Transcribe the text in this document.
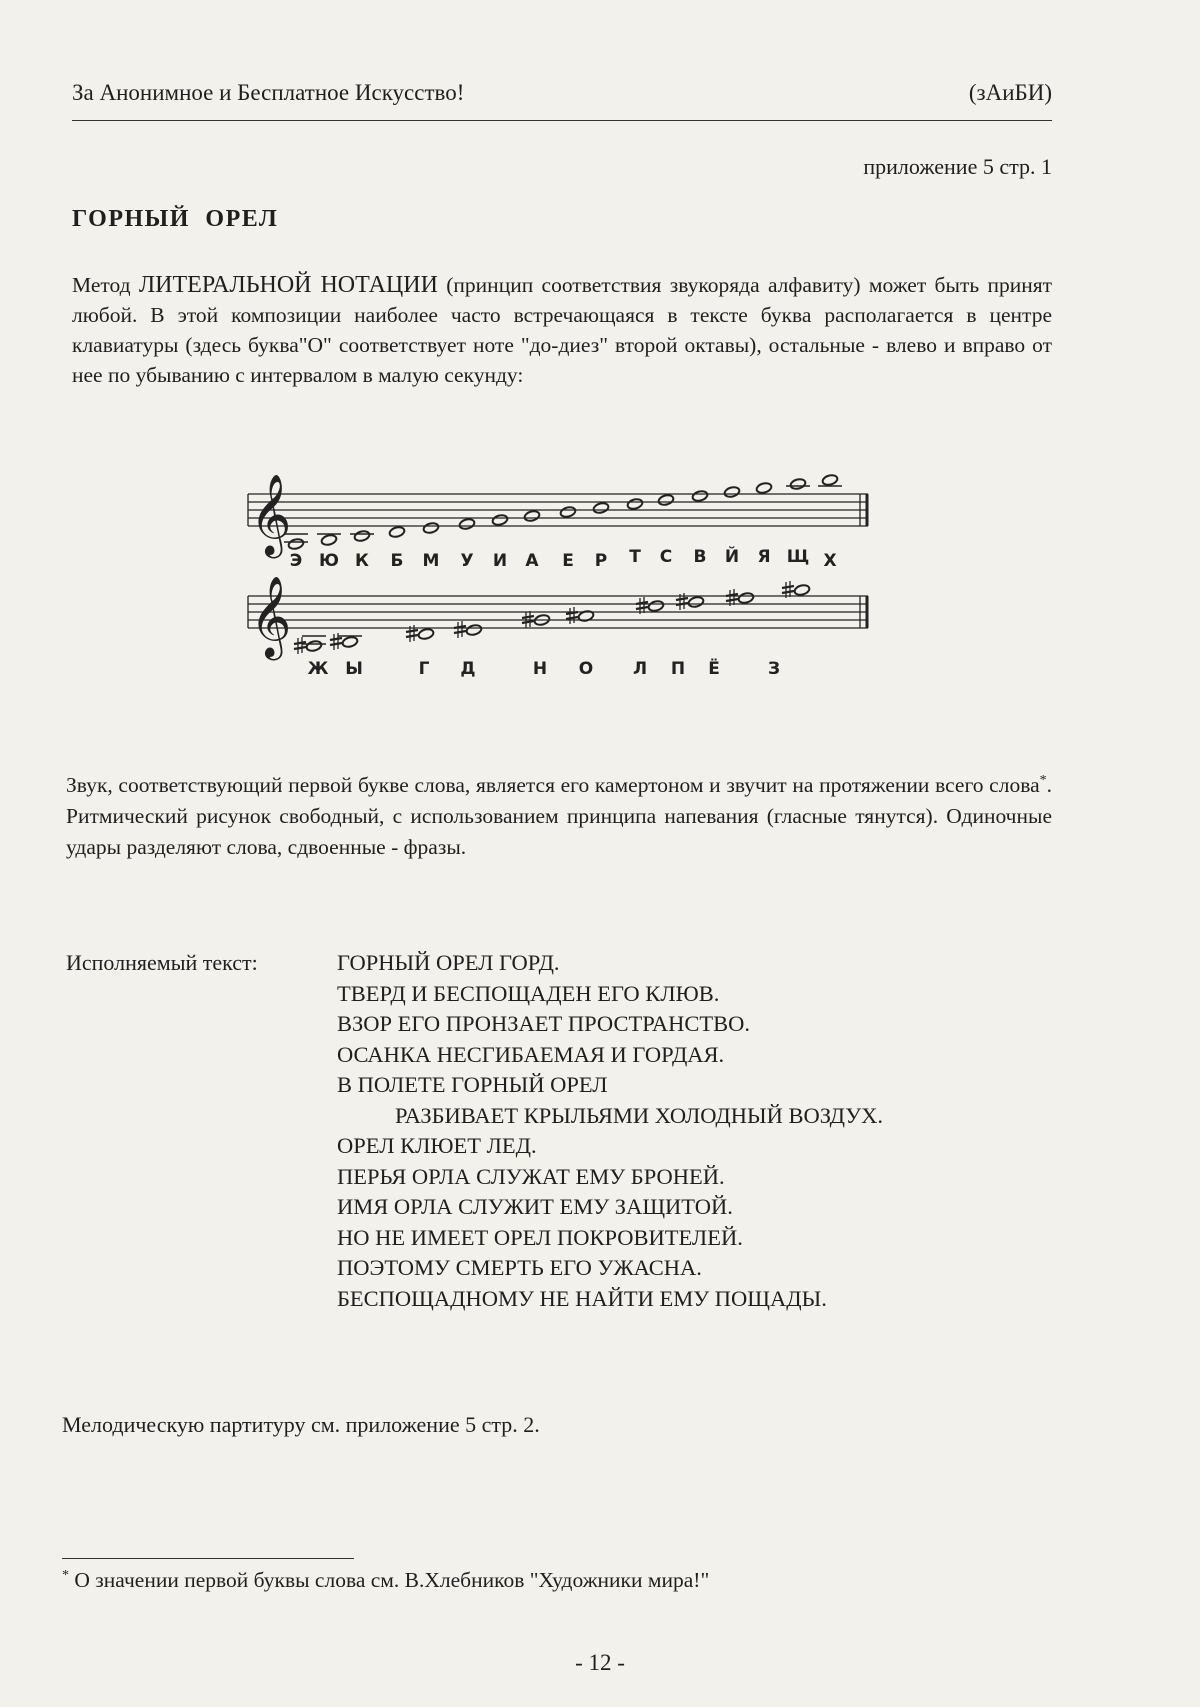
За Анонимное и Бесплатное Искусство!	(зАиБИ)
приложение 5 стр. 1
ГОРНЫЙ ОРЕЛ
Метод ЛИТЕРАЛЬНОЙ НОТАЦИИ (принцип соответствия звукоряда алфавиту) может быть принят любой. В этой композиции наиболее часто встречающаяся в тексте буква располагается в центре клавиатуры (здесь буква"О" соответствует ноте "до-диез" второй октавы), остальные - влево и вправо от нее по убыванию с интервалом в малую секунду:
𝄞
Э Ю К Б М У И А Е Р Т С В Й Я Щ Х
𝄞
Ж Ы	Г Д	Н О Л П Ё	З
Звук, соответствующий первой букве слова, является его камертоном и звучит на протяжении всего слова*. Ритмический рисунок свободный, с использованием принципа напевания (гласные тянутся). Одиночные удары разделяют слова, сдвоенные - фразы.
Исполняемый текст:	ГОРНЫЙ ОРЕЛ ГОРД.
ТВЕРД И БЕСПОЩАДЕН ЕГО КЛЮВ.
ВЗОР ЕГО ПРОНЗАЕТ ПРОСТРАНСТВО.
ОСАНКА НЕСГИБАЕМАЯ И ГОРДАЯ.
В ПОЛЕТЕ ГОРНЫЙ ОРЕЛ
РАЗБИВАЕТ КРЫЛЬЯМИ ХОЛОДНЫЙ ВОЗДУХ.
ОРЕЛ КЛЮЕТ ЛЕД.
ПЕРЬЯ ОРЛА СЛУЖАТ ЕМУ БРОНЕЙ.
ИМЯ ОРЛА СЛУЖИТ ЕМУ ЗАЩИТОЙ.
НО НЕ ИМЕЕТ ОРЕЛ ПОКРОВИТЕЛЕЙ.
ПОЭТОМУ СМЕРТЬ ЕГО УЖАСНА.
БЕСПОЩАДНОМУ НЕ НАЙТИ ЕМУ ПОЩАДЫ.
Мелодическую партитуру см. приложение 5 стр. 2.
* О значении первой буквы слова см. В.Хлебников "Художники мира!"
- 12 -
